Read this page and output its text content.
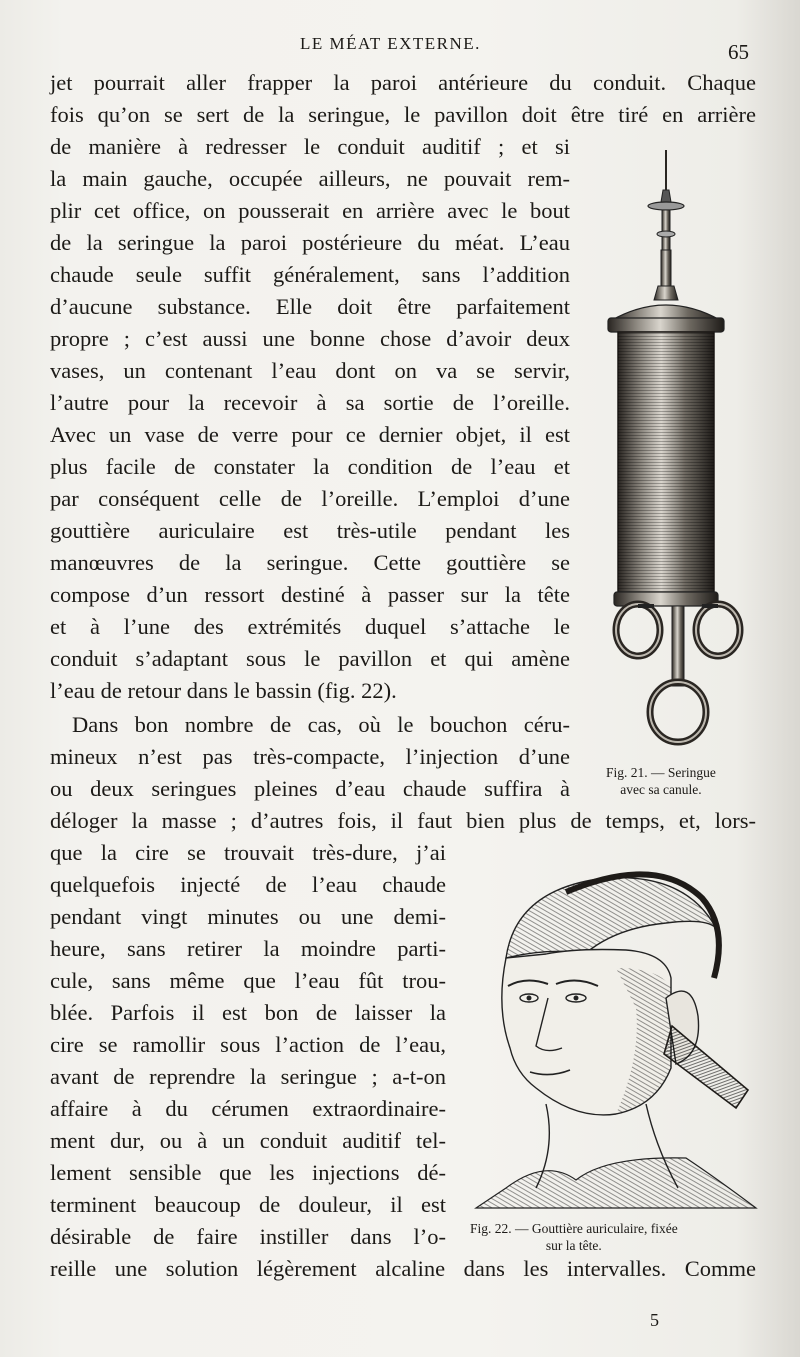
LE MÉAT EXTERNE.	65

jet pourrait aller frapper la paroi antérieure du conduit. Chaque

fois qu’on se sert de la seringue, le pavillon doit être tiré en arrière

de manière à redresser le conduit auditif ; et si

la main gauche, occupée ailleurs, ne pouvait rem-

plir cet office, on pousserait en arrière avec le bout

de la seringue la paroi postérieure du méat. L’eau

chaude seule suffit généralement, sans l’addition

d’aucune substance. Elle doit être parfaitement

propre ; c’est aussi une bonne chose d’avoir deux

vases, un contenant l’eau dont on va se servir,

l’autre pour la recevoir à sa sortie de l’oreille.

Avec un vase de verre pour ce dernier objet, il est

plus facile de constater la condition de l’eau et

par conséquent celle de l’oreille. L’emploi d’une

gouttière auriculaire est très-utile pendant les

manœuvres de la seringue. Cette gouttière se

compose d’un ressort destiné à passer sur la tête

et à l’une des extrémités duquel s’attache le

conduit s’adaptant sous le pavillon et qui amène

l’eau de retour dans le bassin (fig. 22).

Dans bon nombre de cas, où le bouchon céru-

mineux n’est pas très-compacte, l’injection d’une

ou deux seringues pleines d’eau chaude suffira à

déloger la masse ; d’autres fois, il faut bien plus de temps, et, lors-

que la cire se trouvait très-dure, j’ai

quelquefois injecté de l’eau chaude

pendant vingt minutes ou une demi-

heure, sans retirer la moindre parti-

cule, sans même que l’eau fût trou-

blée. Parfois il est bon de laisser la

cire se ramollir sous l’action de l’eau,

avant de reprendre la seringue ; a-t-on

affaire à du cérumen extraordinaire-

ment dur, ou à un conduit auditif tel-

lement sensible que les injections dé-

terminent beaucoup de douleur, il est

désirable de faire instiller dans l’o-

reille une solution légèrement alcaline dans les intervalles. Comme

Fig. 21. — Seringue
avec sa canule.
Fig. 22. — Gouttière auriculaire, fixée
sur la tête.
5
